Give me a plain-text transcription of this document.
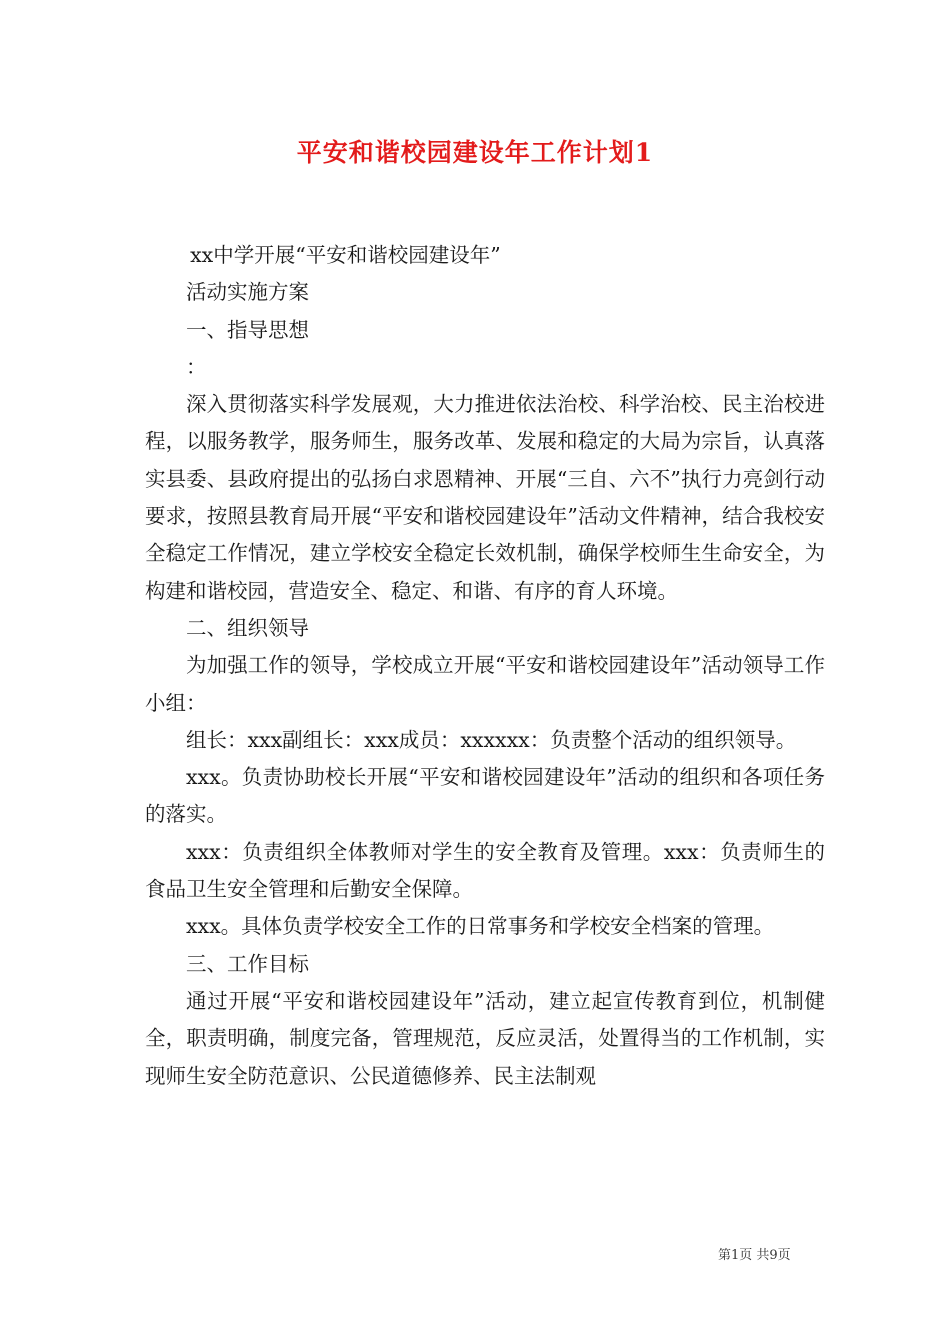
平安和谐校园建设年工作计划1

xx中学开展“平安和谐校园建设年”

活动实施方案

一、指导思想

：

深入贯彻落实科学发展观，大力推进依法治校、科学治校、民主治校进程，以服务教学，服务师生，服务改革、发展和稳定的大局为宗旨，认真落实县委、县政府提出的弘扬白求恩精神、开展“三自、六不”执行力亮剑行动要求，按照县教育局开展“平安和谐校园建设年”活动文件精神，结合我校安全稳定工作情况，建立学校安全稳定长效机制，确保学校师生生命安全，为构建和谐校园，营造安全、稳定、和谐、有序的育人环境。

二、组织领导

为加强工作的领导，学校成立开展“平安和谐校园建设年”活动领导工作小组：

组长：xxx副组长：xxx成员：xxxxxx：负责整个活动的组织领导。

xxx。负责协助校长开展“平安和谐校园建设年”活动的组织和各项任务的落实。

xxx：负责组织全体教师对学生的安全教育及管理。xxx：负责师生的食品卫生安全管理和后勤安全保障。

xxx。具体负责学校安全工作的日常事务和学校安全档案的管理。

三、工作目标

通过开展“平安和谐校园建设年”活动，建立起宣传教育到位，机制健全，职责明确，制度完备，管理规范，反应灵活，处置得当的工作机制，实现师生安全防范意识、公民道德修养、民主法制观

第1页 共9页
